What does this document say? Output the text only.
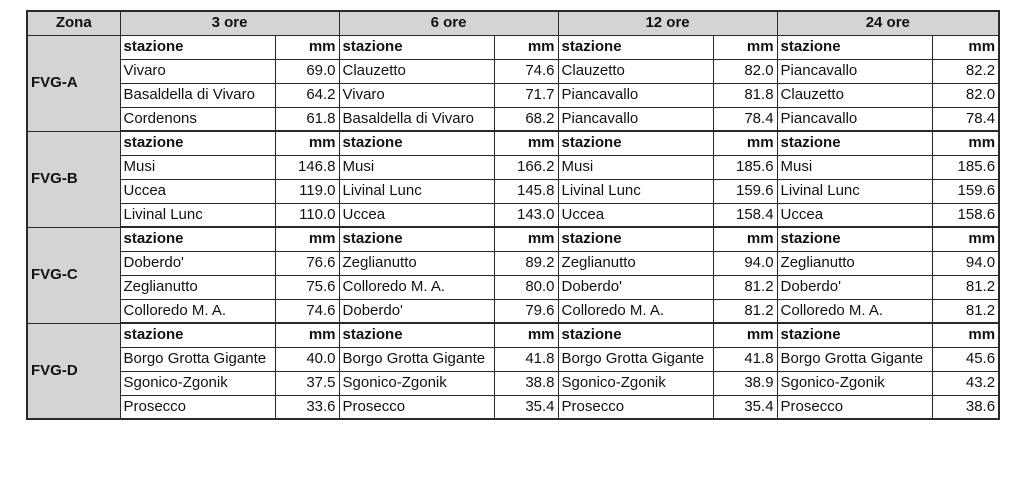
Zona	3 ore		6 ore		12 ore		24 ore	
FVG-A	stazione	mm	stazione	mm	stazione	mm	stazione	mm
	Vivaro	69.0	Clauzetto	74.6	Clauzetto	82.0	Piancavallo	82.2
	Basaldella di Vivaro	64.2	Vivaro	71.7	Piancavallo	81.8	Clauzetto	82.0
	Cordenons	61.8	Basaldella di Vivaro	68.2	Piancavallo	78.4	Piancavallo	78.4
FVG-B	stazione	mm	stazione	mm	stazione	mm	stazione	mm
	Musi	146.8	Musi	166.2	Musi	185.6	Musi	185.6
	Uccea	119.0	Livinal Lunc	145.8	Livinal Lunc	159.6	Livinal Lunc	159.6
	Livinal Lunc	110.0	Uccea	143.0	Uccea	158.4	Uccea	158.6
FVG-C	stazione	mm	stazione	mm	stazione	mm	stazione	mm
	Doberdo'	76.6	Zeglianutto	89.2	Zeglianutto	94.0	Zeglianutto	94.0
	Zeglianutto	75.6	Colloredo M. A.	80.0	Doberdo'	81.2	Doberdo'	81.2
	Colloredo M. A.	74.6	Doberdo'	79.6	Colloredo M. A.	81.2	Colloredo M. A.	81.2
FVG-D	stazione	mm	stazione	mm	stazione	mm	stazione	mm
	Borgo Grotta Gigante	40.0	Borgo Grotta Gigante	41.8	Borgo Grotta Gigante	41.8	Borgo Grotta Gigante	45.6
	Sgonico-Zgonik	37.5	Sgonico-Zgonik	38.8	Sgonico-Zgonik	38.9	Sgonico-Zgonik	43.2
	Prosecco	33.6	Prosecco	35.4	Prosecco	35.4	Prosecco	38.6
